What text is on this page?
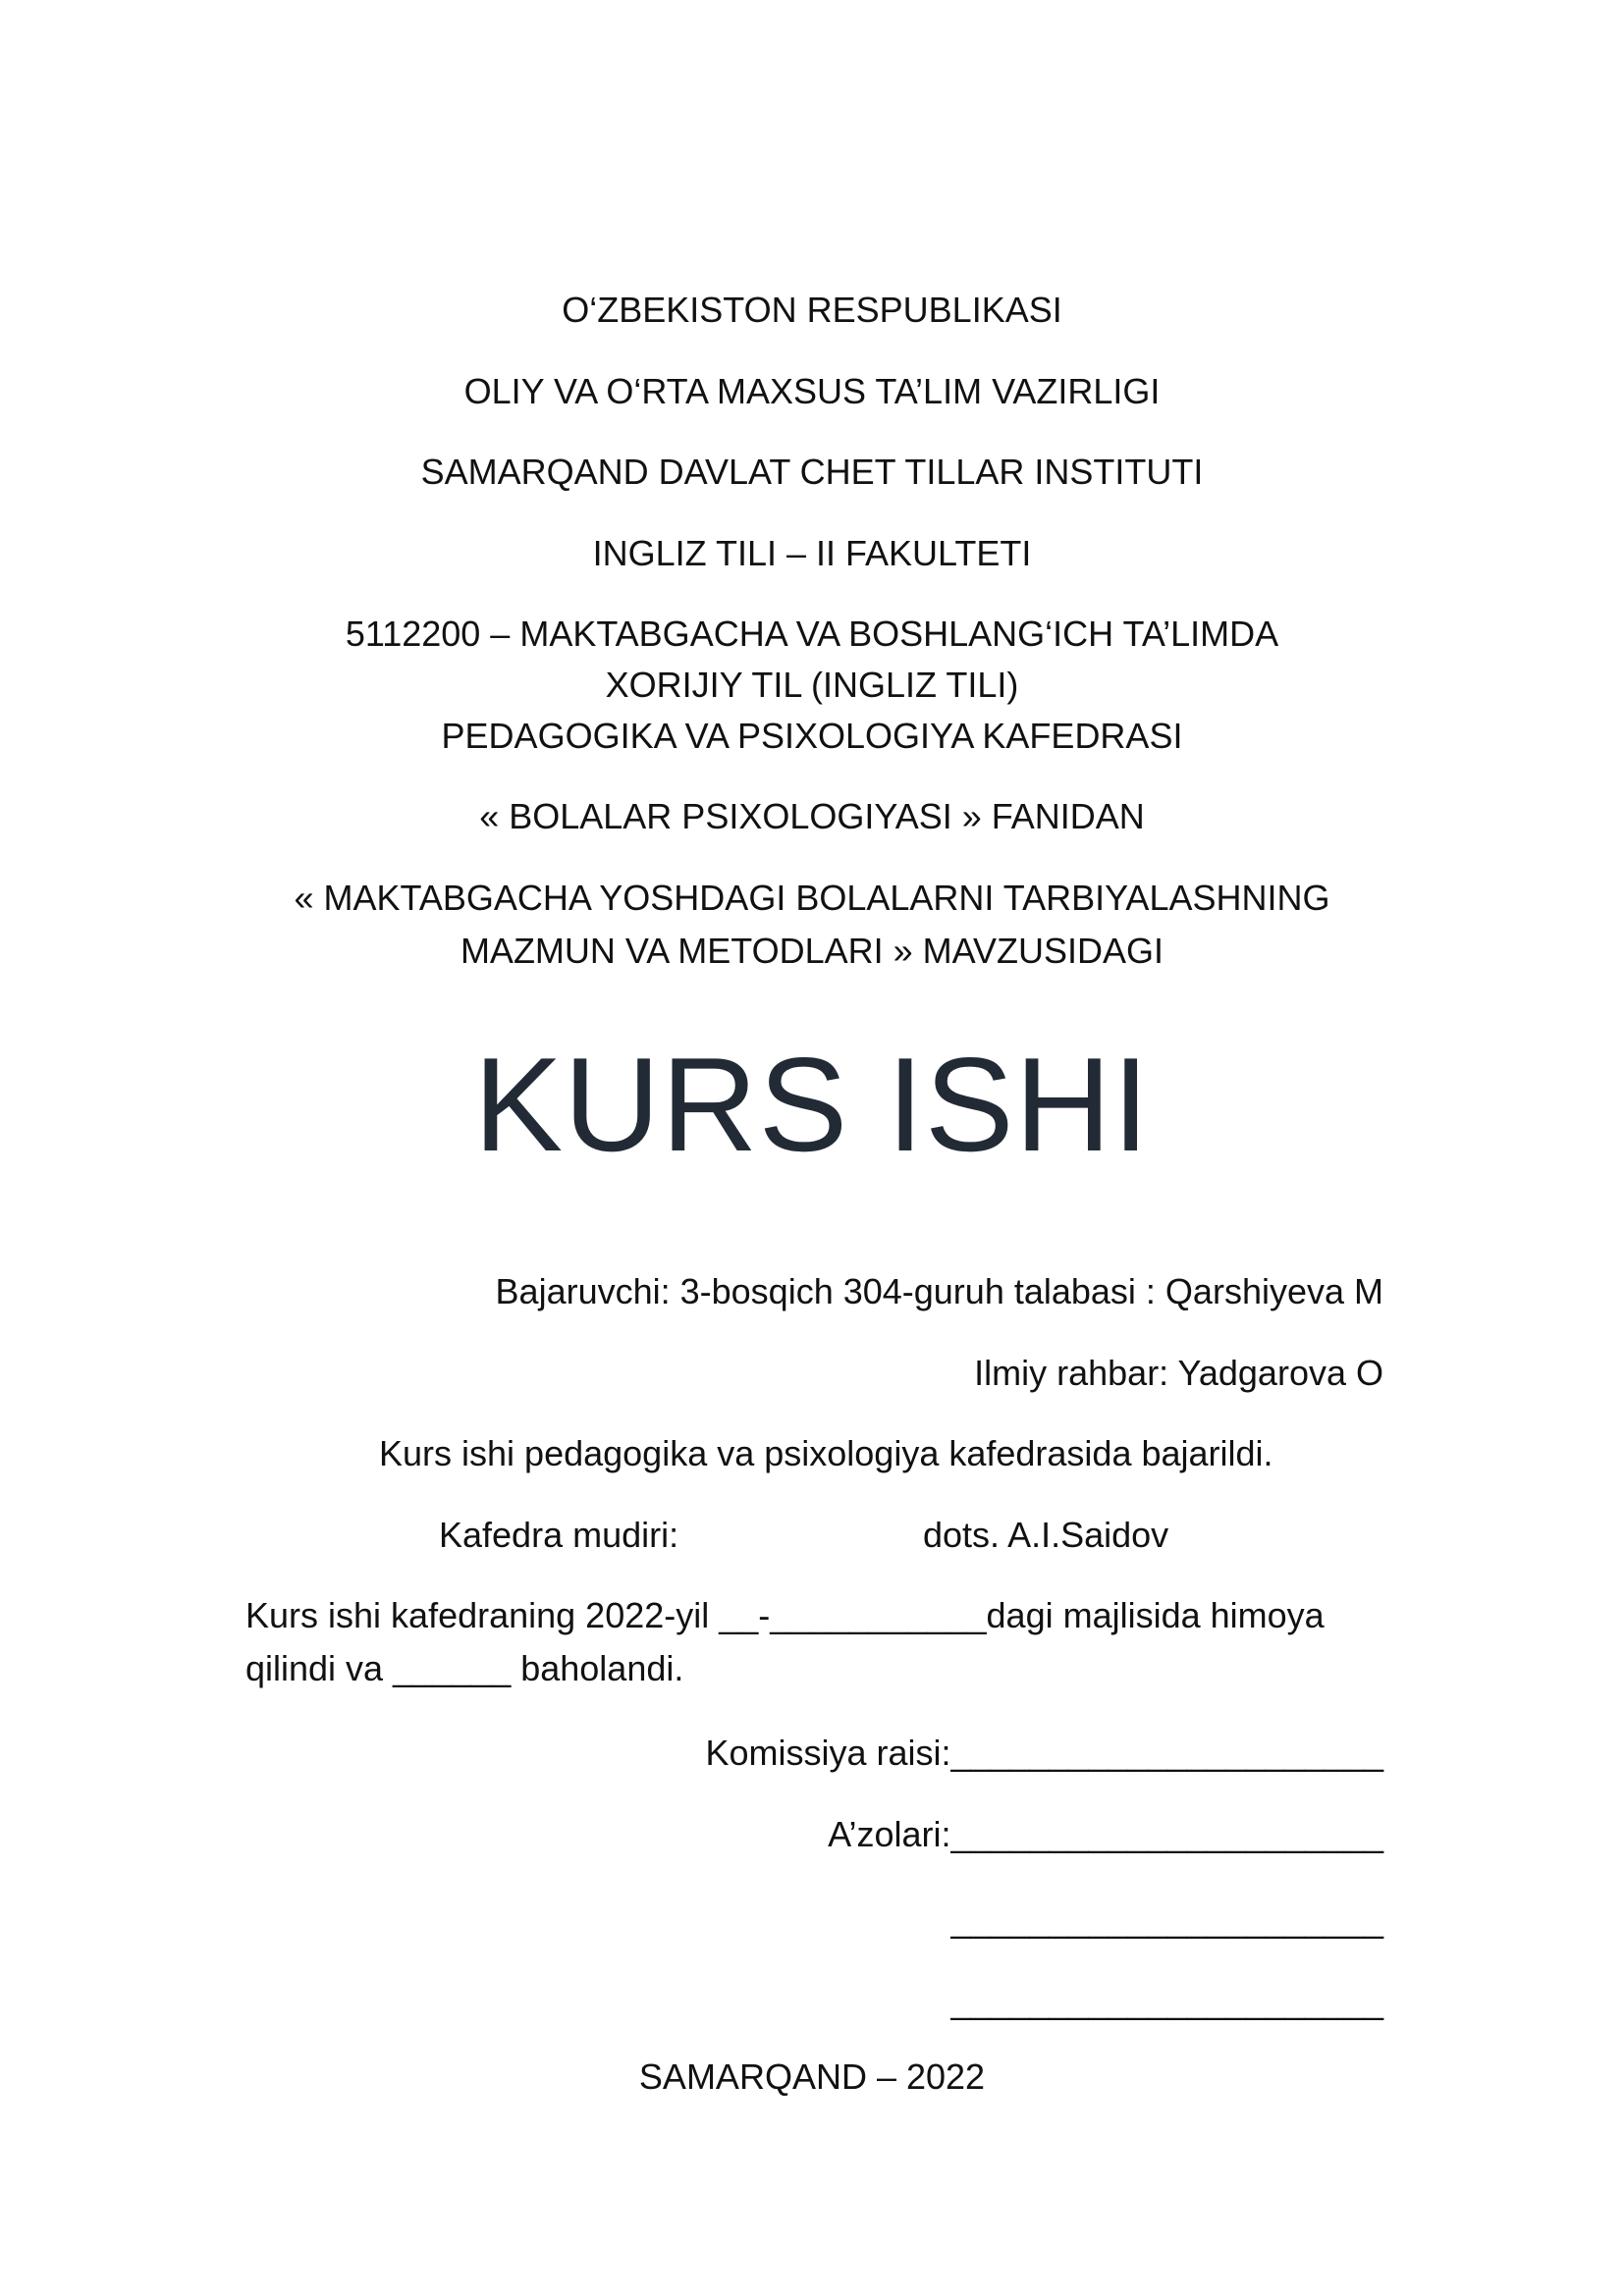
O‘ZBEKISTON RESPUBLIKASI
OLIY VA O‘RTA MAXSUS TA’LIM VAZIRLIGI
SAMARQAND DAVLAT CHET TILLAR INSTITUTI
INGLIZ TILI – II FAKULTETI
5112200 – MAKTABGACHA VA BOSHLANG‘ICH TA’LIMDA
XORIJIY TIL (INGLIZ TILI)
PEDAGOGIKA VA PSIXOLOGIYA KAFEDRASI
« BOLALAR PSIXOLOGIYASI » FANIDAN
« MAKTABGACHA YOSHDAGI BOLALARNI TARBIYALASHNING
MAZMUN VA METODLARI » MAVZUSIDAGI
KURS ISHI
Bajaruvchi: 3-bosqich 304-guruh talabasi : Qarshiyeva M
Ilmiy rahbar: Yadgarova O
Kurs ishi pedagogika va psixologiya kafedrasida bajarildi.
Kafedra mudiri:	dots. A.I.Saidov
Kurs ishi kafedraning 2022-yil __-___________dagi majlisida himoya
qilindi va ______ baholandi.
Komissiya raisi:______________________
A’zolari:______________________
______________________
______________________
SAMARQAND – 2022
